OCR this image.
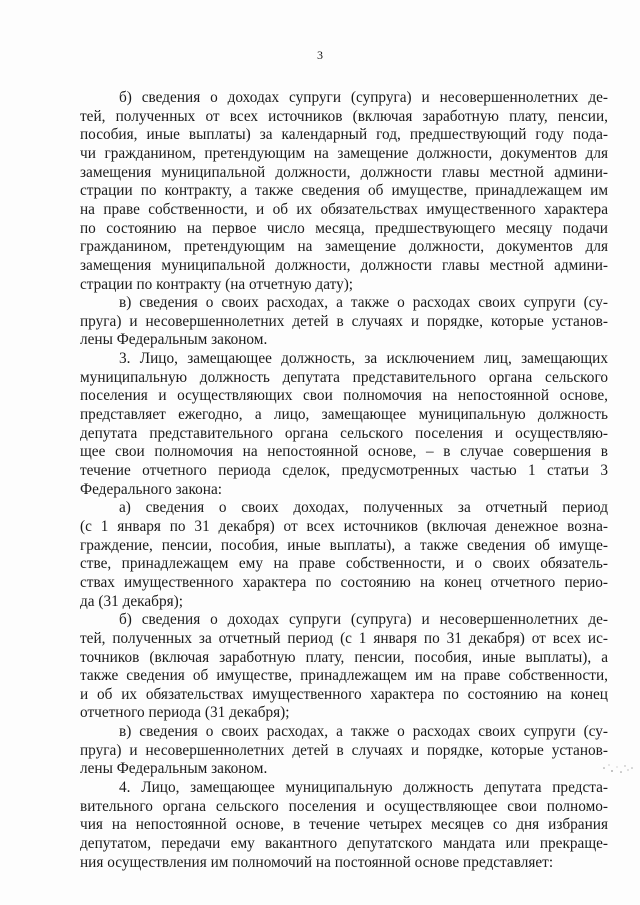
3
б) сведения о доходах супруги (супруга) и несовершеннолетних де-
тей, полученных от всех источников (включая заработную плату, пенсии,
пособия, иные выплаты) за календарный год, предшествующий году пода-
чи гражданином, претендующим на замещение должности, документов для
замещения муниципальной должности, должности главы местной админи-
страции по контракту, а также сведения об имуществе, принадлежащем им
на праве собственности, и об их обязательствах имущественного характера
по состоянию на первое число месяца, предшествующего месяцу подачи
гражданином, претендующим на замещение должности, документов для
замещения муниципальной должности, должности главы местной админи-
страции по контракту (на отчетную дату);
в) сведения о своих расходах, а также о расходах своих супруги (су-
пруга) и несовершеннолетних детей в случаях и порядке, которые установ-
лены Федеральным законом.
3. Лицо, замещающее должность, за исключением лиц, замещающих
муниципальную должность депутата представительного органа сельского
поселения и осуществляющих свои полномочия на непостоянной основе,
представляет ежегодно, а лицо, замещающее муниципальную должность
депутата представительного органа сельского поселения и осуществляю-
щее свои полномочия на непостоянной основе, – в случае совершения в
течение отчетного периода сделок, предусмотренных частью 1 статьи 3
Федерального закона:
а) сведения о своих доходах, полученных за отчетный период
(с 1 января по 31 декабря) от всех источников (включая денежное возна-
граждение, пенсии, пособия, иные выплаты), а также сведения об имуще-
стве, принадлежащем ему на праве собственности, и о своих обязатель-
ствах имущественного характера по состоянию на конец отчетного перио-
да (31 декабря);
б) сведения о доходах супруги (супруга) и несовершеннолетних де-
тей, полученных за отчетный период (с 1 января по 31 декабря) от всех ис-
точников (включая заработную плату, пенсии, пособия, иные выплаты), а
также сведения об имуществе, принадлежащем им на праве собственности,
и об их обязательствах имущественного характера по состоянию на конец
отчетного периода (31 декабря);
в) сведения о своих расходах, а также о расходах своих супруги (су-
пруга) и несовершеннолетних детей в случаях и порядке, которые установ-
лены Федеральным законом.
4. Лицо, замещающее муниципальную должность депутата предста-
вительного органа сельского поселения и осуществляющее свои полномо-
чия на непостоянной основе, в течение четырех месяцев со дня избрания
депутатом, передачи ему вакантного депутатского мандата или прекраще-
ния осуществления им полномочий на постоянной основе представляет:
